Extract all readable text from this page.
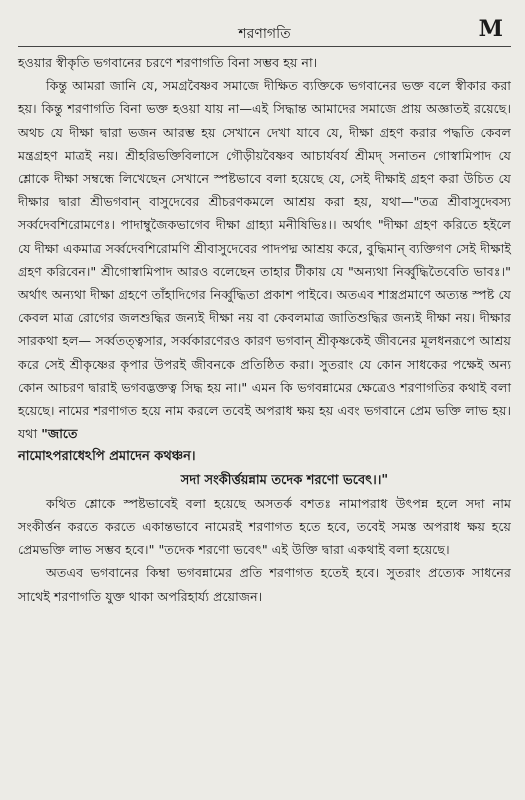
শরণাগতি	M

হওয়ার স্বীকৃতি ভগবানের চরণে শরণাগতি বিনা সম্ভব হয় না।

কিন্তু আমরা জানি যে, সমগ্রবৈষ্ণব সমাজে দীক্ষিত ব্যক্তিকে ভগবানের ভক্ত বলে স্বীকার করা হয়। কিন্তু শরণাগতি বিনা ভক্ত হওয়া যায় না—এই সিদ্ধান্ত আমাদের সমাজে প্রায় অজ্ঞাতই রয়েছে। অথচ যে দীক্ষা দ্বারা ভজন আরম্ভ হয় সেখানে দেখা যাবে যে, দীক্ষা গ্রহণ করার পদ্ধতি কেবল মন্ত্রগ্রহণ মাত্রই নয়। শ্রীহরিভক্তিবিলাসে গৌড়ীয়বৈষ্ণব আচার্যবর্য শ্রীমদ্ সনাতন গোস্বামিপাদ যে শ্লোকে দীক্ষা সম্বন্ধে লিখেছেন সেখানে স্পষ্টভাবে বলা হয়েছে যে, সেই দীক্ষাই গ্রহণ করা উচিত যে দীক্ষার দ্বারা শ্রীভগবান্ বাসুদেবের শ্রীচরণকমলে আশ্রয় করা হয়, যথা—"তত্র শ্রীবাসুদেবস্য সর্ব্বদেবশিরোমণেঃ। পাদাম্বুজৈকভাগেব দীক্ষা গ্রাহ্যা মনীষিভিঃ।। অর্থাৎ "দীক্ষা গ্রহণ করিতে হইলে যে দীক্ষা একমাত্র সর্ব্বদেবশিরোমণি শ্রীবাসুদেবের পাদপদ্ম আশ্রয় করে, বুদ্ধিমান্ ব্যক্তিগণ সেই দীক্ষাই গ্রহণ করিবেন।" শ্রীগোস্বামিপাদ আরও বলেছেন তাহার টীকায় যে "অন্যথা নির্ব্বুদ্ধিতৈবেতি ভাবঃ।" অর্থাৎ অন্যথা দীক্ষা গ্রহণে তাঁহাদিগের নির্ব্বুদ্ধিতা প্রকাশ পাইবে। অতএব শাস্ত্রপ্রমাণে অত্যন্ত স্পষ্ট যে কেবল মাত্র রোগের জলশুদ্ধির জন্যই দীক্ষা নয় বা কেবলমাত্র জাতিশুদ্ধির জন্যই দীক্ষা নয়। দীক্ষার সারকথা হল— সর্ব্বতত্ত্বসার, সর্ব্বকারণেরও কারণ ভগবান্ শ্রীকৃষ্ণকেই জীবনের মূলধনরূপে আশ্রয় করে সেই শ্রীকৃষ্ণের কৃপার উপরই জীবনকে প্রতিষ্ঠিত করা। সুতরাং যে কোন সাধকের পক্ষেই অন্য কোন আচরণ দ্বারাই ভগবদ্ভক্তত্ব সিদ্ধ হয় না।" এমন কি ভগবন্নামের ক্ষেত্রেও শরণাগতির কথাই বলা হয়েছে। নামের শরণাগত হয়ে নাম করলে তবেই অপরাধ ক্ষয় হয় এবং ভগবানে প্রেম ভক্তি লাভ হয়। যথা "জাতে

নামোঽপরাধেঽপি প্রমাদেন কথঞ্চন।

সদা সংকীর্ত্তয়ন্নাম তদেক শরণো ভবেৎ।।"

কথিত শ্লোকে স্পষ্টভাবেই বলা হয়েছে অসতর্ক বশতঃ নামাপরাধ উৎপন্ন হলে সদা নাম সংকীর্ত্তন করতে করতে একান্তভাবে নামেরই শরণাগত হতে হবে, তবেই সমস্ত অপরাধ ক্ষয় হয়ে প্রেমভক্তি লাভ সম্ভব হবে।" "তদেক শরণো ভবেৎ" এই উক্তি দ্বারা একথাই বলা হয়েছে।

অতএব ভগবানের কিম্বা ভগবন্নামের প্রতি শরণাগত হতেই হবে। সুতরাং প্রত্যেক সাধনের সাথেই শরণাগতি যুক্ত থাকা অপরিহার্য্য প্রয়োজন।
